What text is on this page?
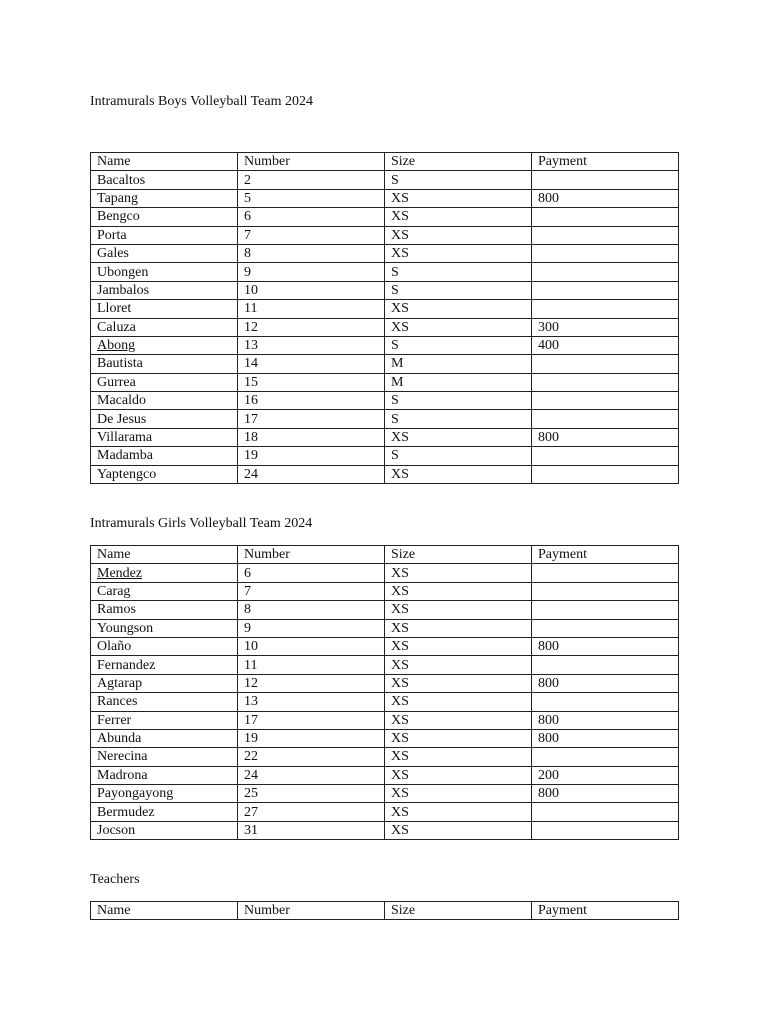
Intramurals Boys Volleyball Team 2024
Name	Number	Size	Payment
Bacaltos	2	S	
Tapang	5	XS	800
Bengco	6	XS	
Porta	7	XS	
Gales	8	XS	
Ubongen	9	S	
Jambalos	10	S	
Lloret	11	XS	
Caluza	12	XS	300
Abong	13	S	400
Bautista	14	M	
Gurrea	15	M	
Macaldo	16	S	
De Jesus	17	S	
Villarama	18	XS	800
Madamba	19	S	
Yaptengco	24	XS	
Intramurals Girls Volleyball Team 2024
Name	Number	Size	Payment
Mendez	6	XS	
Carag	7	XS	
Ramos	8	XS	
Youngson	9	XS	
Olaño	10	XS	800
Fernandez	11	XS	
Agtarap	12	XS	800
Rances	13	XS	
Ferrer	17	XS	800
Abunda	19	XS	800
Nerecina	22	XS	
Madrona	24	XS	200
Payongayong	25	XS	800
Bermudez	27	XS	
Jocson	31	XS	
Teachers
Name	Number	Size	Payment
